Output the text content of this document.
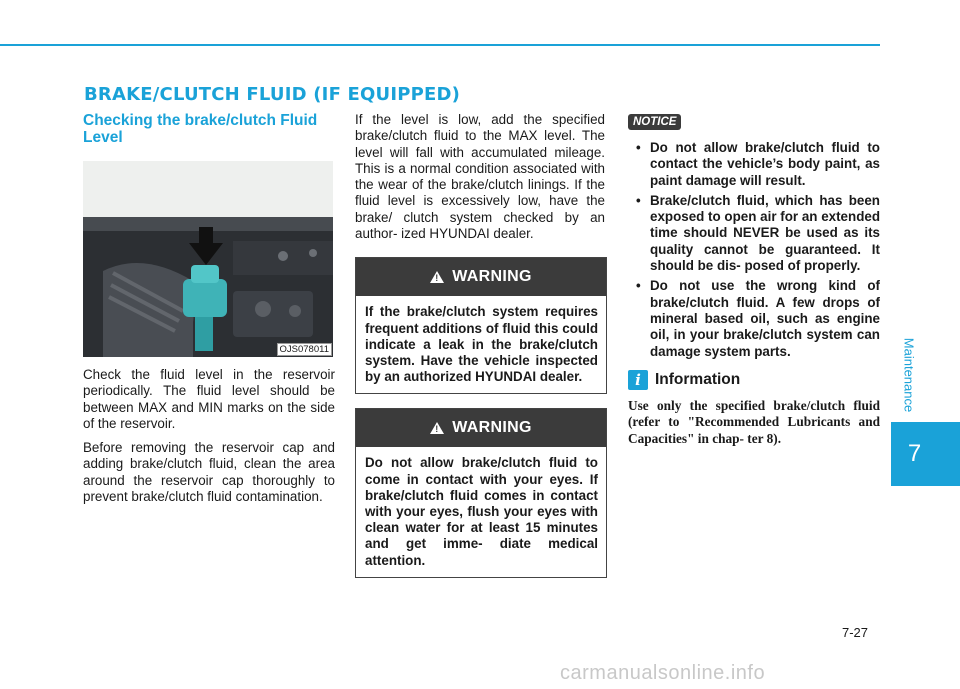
BRAKE/CLUTCH FLUID (IF EQUIPPED)
Checking the brake/clutch Fluid Level
OJS078011

Check the fluid level in the reservoir periodically. The fluid level should be between MAX and MIN marks on the side of the reservoir.

Before removing the reservoir cap and adding brake/clutch fluid, clean the area around the reservoir cap thoroughly to prevent brake/clutch fluid contamination.

If the level is low, add the specified brake/clutch fluid to the MAX level. The level will fall with accumulated mileage. This is a normal condition associated with the wear of the brake/clutch linings. If the fluid level is excessively low, have the brake/ clutch system checked by an author- ized HYUNDAI dealer.

! WARNING
If the brake/clutch system requires frequent additions of fluid this could indicate a leak in the brake/clutch system. Have the vehicle inspected by an authorized HYUNDAI dealer.
! WARNING
Do not allow brake/clutch fluid to come in contact with your eyes. If brake/clutch fluid comes in contact with your eyes, flush your eyes with clean water for at least 15 minutes and get imme- diate medical attention.
NOTICE
• Do not allow brake/clutch fluid to contact the vehicle’s body paint, as paint damage will result.
• Brake/clutch fluid, which has been exposed to open air for an extended time should NEVER be used as its quality cannot be guaranteed. It should be dis- posed of properly.
• Do not use the wrong kind of brake/clutch fluid. A few drops of mineral based oil, such as engine oil, in your brake/clutch system can damage system parts.
i Information
Use only the specified brake/clutch fluid (refer to "Recommended Lubricants and Capacities" in chap- ter 8).
Maintenance
7
7-27
carmanualsonline.info
